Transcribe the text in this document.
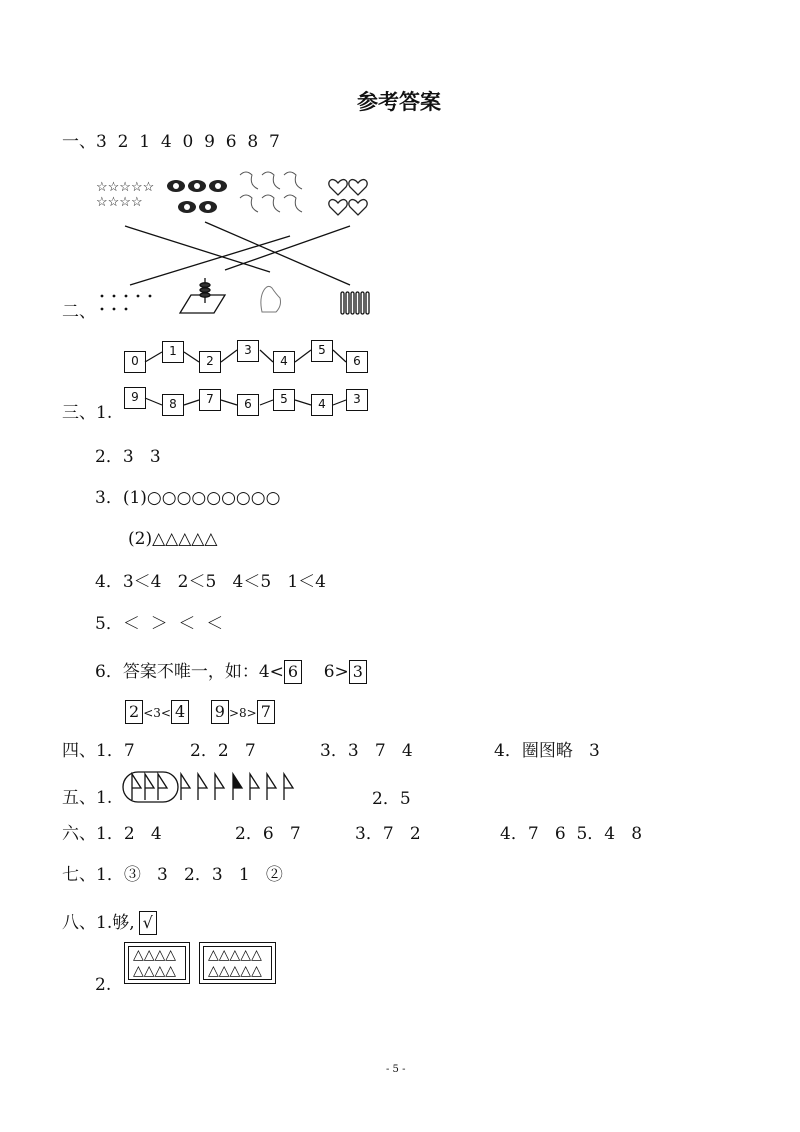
参考答案
一、3  2  1  4  0  9  6  8  7
☆☆☆☆☆
☆☆☆☆
二、
0
1
2
3
4
5
6
三、1.
9	8	7	6	5	4	3
2．3   3
3．(1)○○○○○○○○○
(2)△△△△△
4．3＜4   2＜5   4＜5   1＜4
5．＜  ＞  ＜  ＜
6．答案不唯一，如：4< 6 6> 3
2 <3< 4 9 >8> 7
四、1．7	2．2   7	3．3   7   4	4．圈图略   3
五、1.	2．5
六、1．2   4	2．6   7	3．7   2	4．7   6  5．4   8
七、1．③   3   2．3   1   ②
八、1.够, √
2.
△△△△
△△△△
△△△△△
△△△△△
- 5 -
